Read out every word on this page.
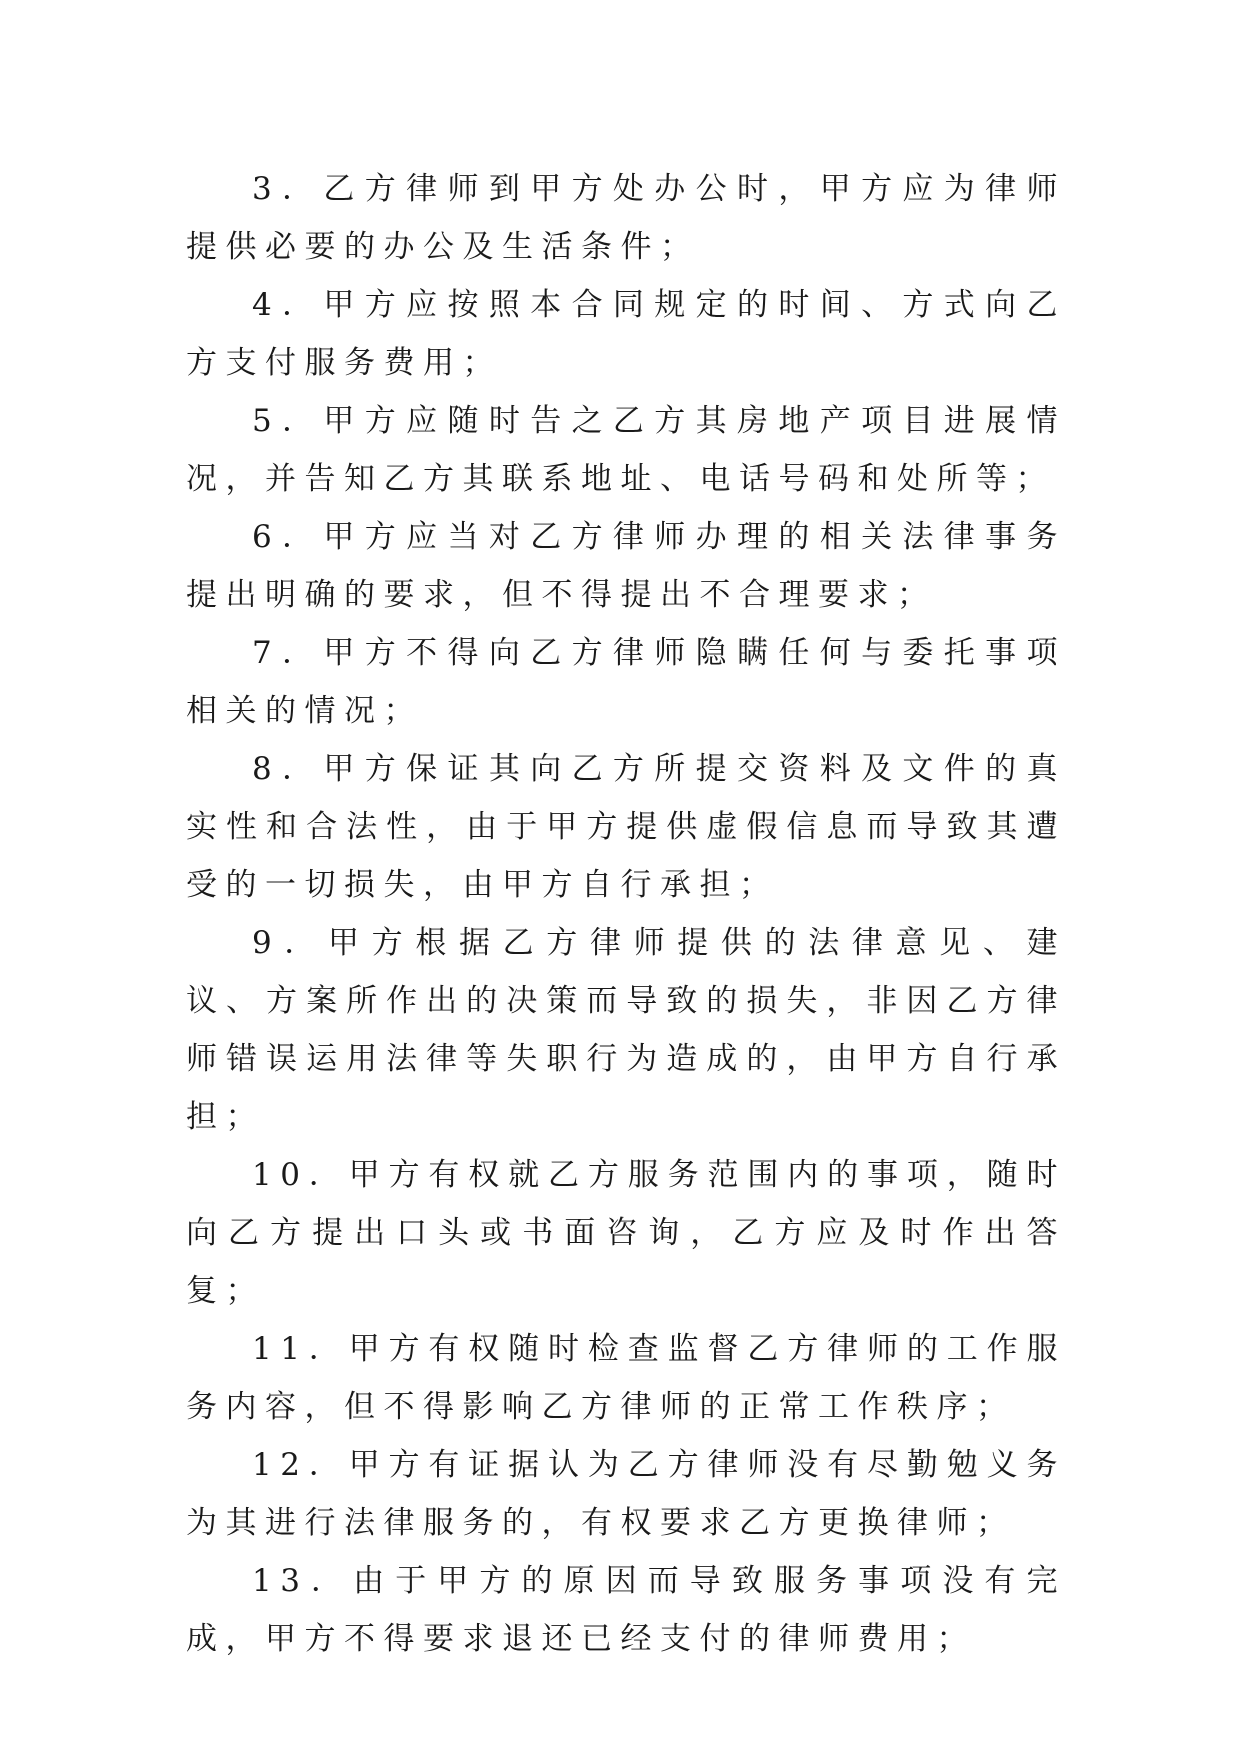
3．乙方律师到甲方处办公时，甲方应为律师提供必要的办公及生活条件；

4．甲方应按照本合同规定的时间、方式向乙方支付服务费用；

5．甲方应随时告之乙方其房地产项目进展情况，并告知乙方其联系地址、电话号码和处所等；

6．甲方应当对乙方律师办理的相关法律事务提出明确的要求，但不得提出不合理要求；

7．甲方不得向乙方律师隐瞒任何与委托事项相关的情况；

8．甲方保证其向乙方所提交资料及文件的真实性和合法性，由于甲方提供虚假信息而导致其遭受的一切损失，由甲方自行承担；

9．甲方根据乙方律师提供的法律意见、建议、方案所作出的决策而导致的损失，非因乙方律师错误运用法律等失职行为造成的，由甲方自行承担；

10．甲方有权就乙方服务范围内的事项，随时向乙方提出口头或书面咨询，乙方应及时作出答复；

11．甲方有权随时检查监督乙方律师的工作服务内容，但不得影响乙方律师的正常工作秩序；

12．甲方有证据认为乙方律师没有尽勤勉义务为其进行法律服务的，有权要求乙方更换律师；

13．由于甲方的原因而导致服务事项没有完成，甲方不得要求退还已经支付的律师费用；
